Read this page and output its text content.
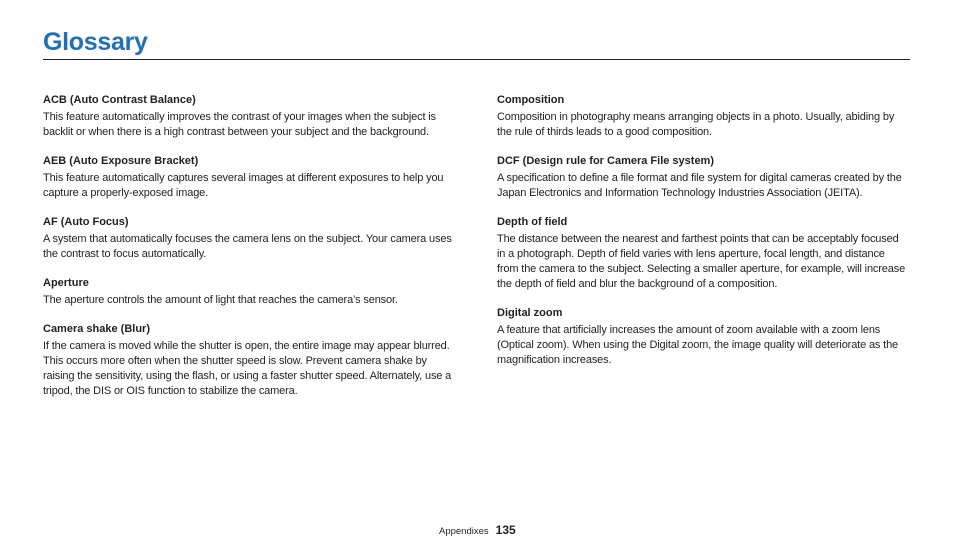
Glossary

ACB (Auto Contrast Balance)

This feature automatically improves the contrast of your images when the subject is backlit or when there is a high contrast between your subject and the background.

AEB (Auto Exposure Bracket)

This feature automatically captures several images at different exposures to help you capture a properly-exposed image.

AF (Auto Focus)

A system that automatically focuses the camera lens on the subject. Your camera uses the contrast to focus automatically.

Aperture

The aperture controls the amount of light that reaches the camera’s sensor.

Camera shake (Blur)

If the camera is moved while the shutter is open, the entire image may appear blurred. This occurs more often when the shutter speed is slow. Prevent camera shake by raising the sensitivity, using the flash, or using a faster shutter speed. Alternately, use a tripod, the DIS or OIS function to stabilize the camera.

Composition

Composition in photography means arranging objects in a photo. Usually, abiding by the rule of thirds leads to a good composition.

DCF (Design rule for Camera File system)

A specification to define a file format and file system for digital cameras created by the Japan Electronics and Information Technology Industries Association (JEITA).

Depth of field

The distance between the nearest and farthest points that can be acceptably focused in a photograph. Depth of field varies with lens aperture, focal length, and distance from the camera to the subject. Selecting a smaller aperture, for example, will increase the depth of field and blur the background of a composition.

Digital zoom

A feature that artificially increases the amount of zoom available with a zoom lens (Optical zoom). When using the Digital zoom, the image quality will deteriorate as the magnification increases.

Appendixes 135
